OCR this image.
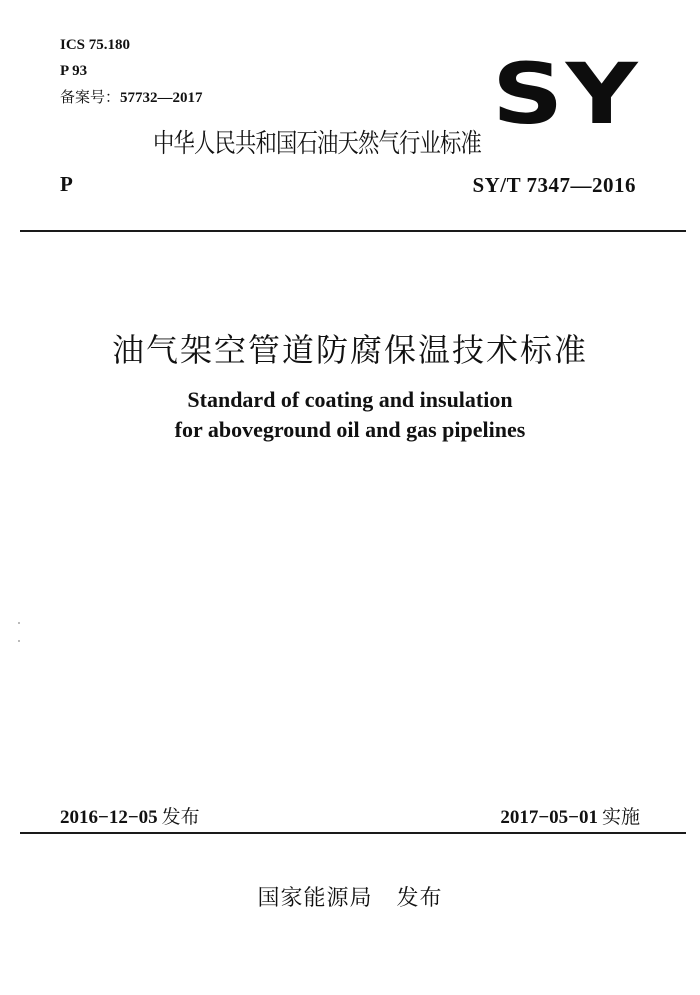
ICS 75.180
P 93
备案号：57732—2017	SY
中华人民共和国石油天然气行业标准
P	SY/T 7347—2016
油气架空管道防腐保温技术标准
Standard of coating and insulation
for aboveground oil and gas pipelines
2016−12−05 发布	2017−05−01 实施
国家能源局 发布
